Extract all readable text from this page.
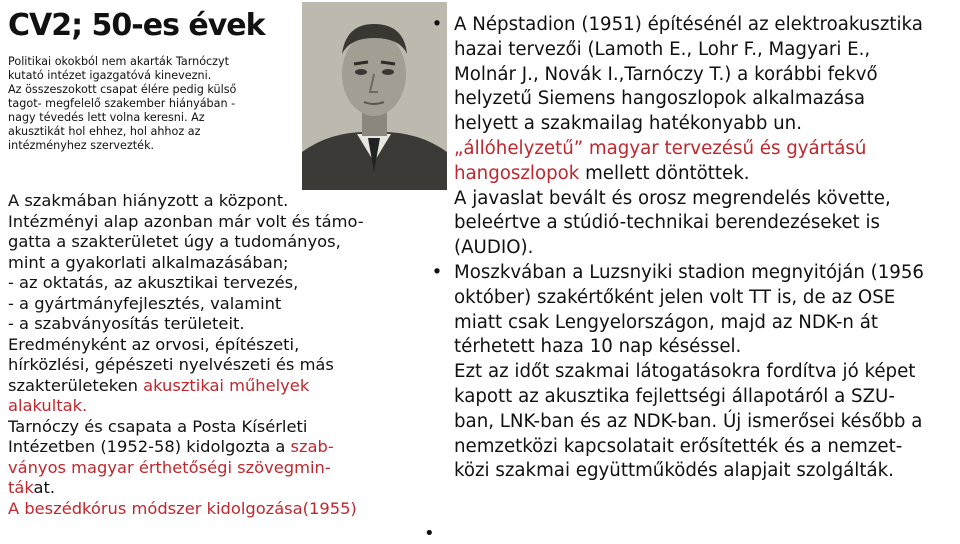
CV2; 50-es évek
Politikai okokból nem akarták Tarnóczyt
kutató intézet igazgatóvá kinevezni.
Az összeszokott csapat élére pedig külső
tagot- megfelelő szakember hiányában -
nagy tévedés lett volna keresni. Az
akusztikát hol ehhez, hol ahhoz az
intézményhez szervezték.
A szakmában hiányzott a központ.
Intézményi alap azonban már volt és támo-
gatta a szakterületet úgy a tudományos,
mint a gyakorlati alkalmazásában;
- az oktatás, az akusztikai tervezés,
- a gyártmányfejlesztés, valamint
- a szabványosítás területeit.
Eredményként az orvosi, építészeti,
hírközlési, gépészeti nyelvészeti és más
szakterületeken akusztikai műhelyek
alakultak.
Tarnóczy és csapata a Posta Kísérleti
Intézetben (1952-58) kidolgozta a szab-
ványos magyar érthetőségi szövegmin-
tákat.
A beszédkórus módszer kidolgozása(1955)
• A Népstadion (1951) építésénél az elektroakusztika
hazai tervezői (Lamoth E., Lohr F., Magyari E.,
Molnár J., Novák I.,Tarnóczy T.) a korábbi fekvő
helyzetű Siemens hangoszlopok alkalmazása
helyett a szakmailag hatékonyabb un.
„állóhelyzetű” magyar tervezésű és gyártású
hangoszlopok mellett döntöttek.
A javaslat bevált és orosz megrendelés követte,
beleértve a stúdió-technikai berendezéseket is
(AUDIO).
• Moszkvában a Luzsnyiki stadion megnyitóján (1956
október) szakértőként jelen volt TT is, de az OSE
miatt csak Lengyelországon, majd az NDK-n át
térhetett haza 10 nap késéssel.
Ezt az időt szakmai látogatásokra fordítva jó képet
kapott az akusztika fejlettségi állapotáról a SZU-
ban, LNK-ban és az NDK-ban. Új ismerősei később a
nemzetközi kapcsolatait erősítették és a nemzet-
közi szakmai együttműködés alapjait szolgálták.
•
